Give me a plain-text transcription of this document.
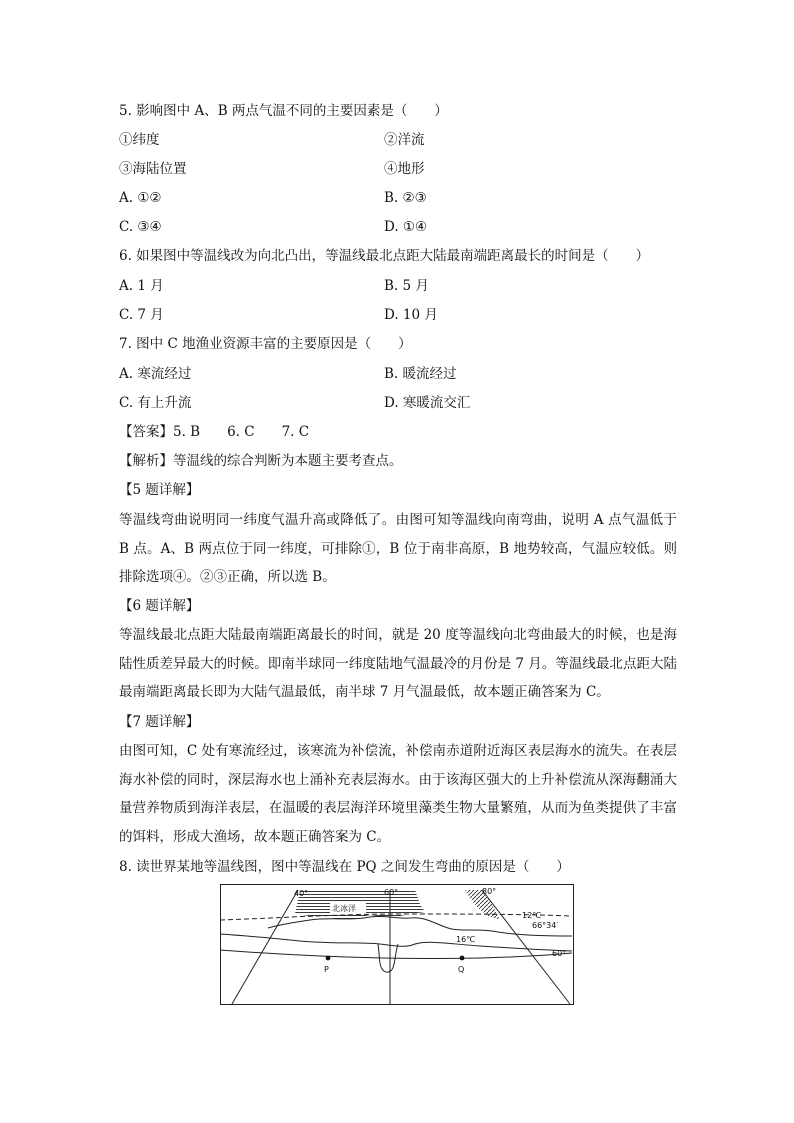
5. 影响图中 A、B 两点气温不同的主要因素是（　　）
①纬度	②洋流
③海陆位置	④地形
A. ①②	B. ②③
C. ③④	D. ①④
6. 如果图中等温线改为向北凸出，等温线最北点距大陆最南端距离最长的时间是（　　）
A. 1 月	B. 5 月
C. 7 月	D. 10 月
7. 图中 C 地渔业资源丰富的主要原因是（　　）
A. 寒流经过	B. 暖流经过
C. 有上升流	D. 寒暖流交汇
【答案】5. B　　6. C　　7. C
【解析】等温线的综合判断为本题主要考查点。
【5 题详解】
等温线弯曲说明同一纬度气温升高或降低了。由图可知等温线向南弯曲，说明 A 点气温低于 B 点。A、B 两点位于同一纬度，可排除①，B 位于南非高原，B 地势较高，气温应较低。则排除选项④。②③正确，所以选 B。
【6 题详解】
等温线最北点距大陆最南端距离最长的时间，就是 20 度等温线向北弯曲最大的时候，也是海陆性质差异最大的时候。即南半球同一纬度陆地气温最冷的月份是 7 月。等温线最北点距大陆最南端距离最长即为大陆气温最低，南半球 7 月气温最低，故本题正确答案为 C。
【7 题详解】
由图可知，C 处有寒流经过，该寒流为补偿流，补偿南赤道附近海区表层海水的流失。在表层海水补偿的同时，深层海水也上涌补充表层海水。由于该海区强大的上升补偿流从深海翻涌大量营养物质到海洋表层，在温暖的表层海洋环境里藻类生物大量繁殖，从而为鱼类提供了丰富的饵料，形成大渔场，故本题正确答案为 C。
8. 读世界某地等温线图，图中等温线在 PQ 之间发生弯曲的原因是（　　）
40°	60°	80°
北冰洋
12℃
66°34′
16℃
60°
P	Q
